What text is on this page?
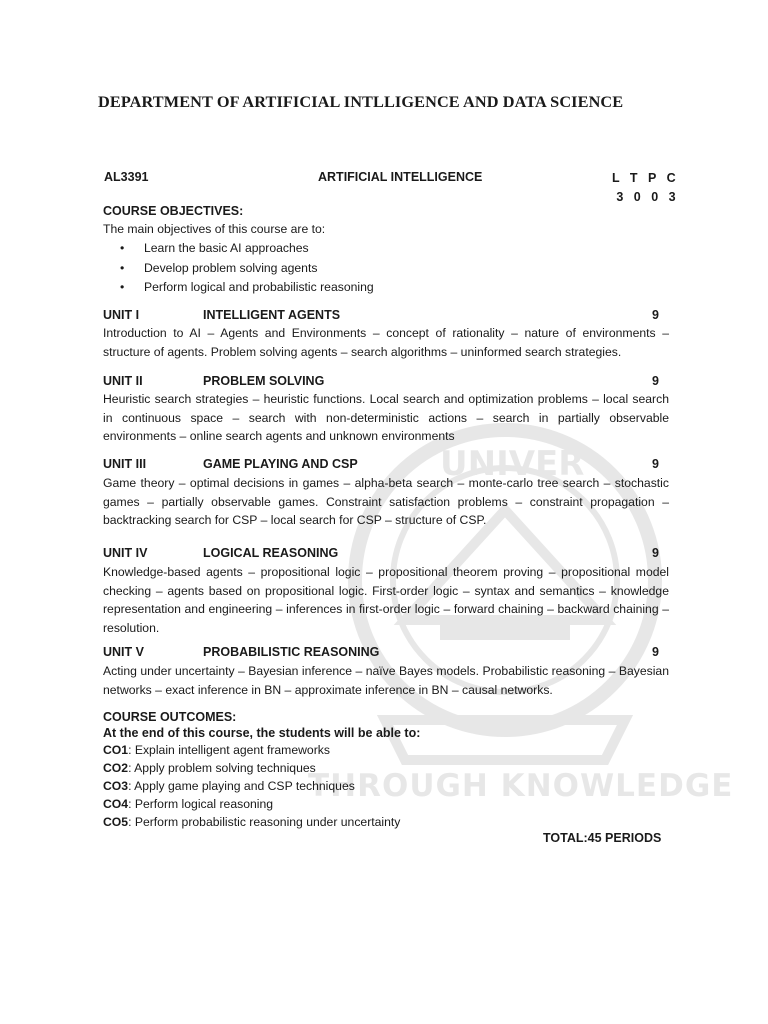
UNIVER
THROUGH KNOWLEDGE
DEPARTMENT OF ARTIFICIAL INTLLIGENCE AND DATA SCIENCE
AL3391	ARTIFICIAL INTELLIGENCE	L T P C
3 0 0 3
COURSE OBJECTIVES:
The main objectives of this course are to:
• Learn the basic AI approaches
• Develop problem solving agents
• Perform logical and probabilistic reasoning
UNIT I	INTELLIGENT AGENTS	9
Introduction to AI – Agents and Environments – concept of rationality – nature of environments – structure of agents. Problem solving agents – search algorithms – uninformed search strategies.
UNIT II	PROBLEM SOLVING	9
Heuristic search strategies – heuristic functions. Local search and optimization problems – local search in continuous space – search with non-deterministic actions – search in partially observable environments – online search agents and unknown environments
UNIT III	GAME PLAYING AND CSP	9
Game theory – optimal decisions in games – alpha-beta search – monte-carlo tree search – stochastic games – partially observable games. Constraint satisfaction problems – constraint propagation – backtracking search for CSP – local search for CSP – structure of CSP.
UNIT IV	LOGICAL REASONING	9
Knowledge-based agents – propositional logic – propositional theorem proving – propositional model checking – agents based on propositional logic. First-order logic – syntax and semantics – knowledge representation and engineering – inferences in first-order logic – forward chaining – backward chaining – resolution.
UNIT V	PROBABILISTIC REASONING	9
Acting under uncertainty – Bayesian inference – naïve Bayes models. Probabilistic reasoning – Bayesian networks – exact inference in BN – approximate inference in BN – causal networks.
COURSE OUTCOMES:
At the end of this course, the students will be able to:
CO1: Explain intelligent agent frameworks
CO2: Apply problem solving techniques
CO3: Apply game playing and CSP techniques
CO4: Perform logical reasoning
CO5: Perform probabilistic reasoning under uncertainty
TOTAL:45 PERIODS
